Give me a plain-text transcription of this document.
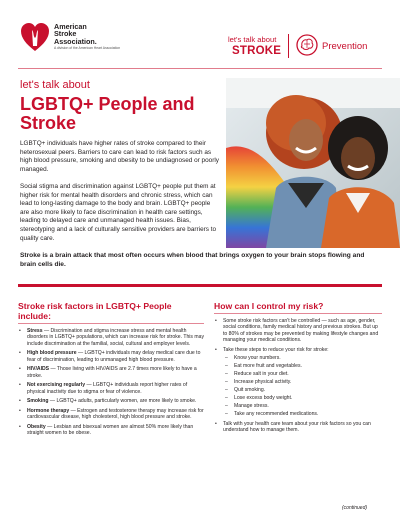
American
Stroke
Association.
A division of the American Heart Association
let's talk about
STROKE	Prevention
let's talk about
LGBTQ+ People and Stroke

LGBTQ+ individuals have higher rates of stroke compared to their heterosexual peers. Barriers to care can lead to risk factors such as high blood pressure, smoking and obesity to be undiagnosed or poorly managed.

Social stigma and discrimination against LGBTQ+ people put them at higher risk for mental health disorders and chronic stress, which can lead to long-lasting damage to the body and brain. LGBTQ+ people are also more likely to face discrimination in health care settings, leading to delayed care and unmanaged health issues. Bias, stereotyping and a lack of culturally sensitive providers are barriers to quality care.

Stroke is a brain attack that most often occurs when blood that brings oxygen to your brain stops flowing and brain cells die.

Stroke risk factors in LGBTQ+ People include:
• Stress — Discrimination and stigma increase stress and mental health disorders in LGBTQ+ populations, which can increase risk for stroke. This may include discrimination at the familial, social, cultural and employer levels.
• High blood pressure — LGBTQ+ individuals may delay medical care due to fear of discrimination, leading to unmanaged high blood pressure.
• HIV/AIDS — Those living with HIV/AIDS are 2.7 times more likely to have a stroke.
• Not exercising regularly — LGBTQ+ individuals report higher rates of physical inactivity due to stigma or fear of violence.
• Smoking — LGBTQ+ adults, particularly women, are more likely to smoke.
• Hormone therapy — Estrogen and testosterone therapy may increase risk for cardiovascular disease, high cholesterol, high blood pressure and stroke.
• Obesity — Lesbian and bisexual women are almost 50% more likely than straight women to be obese.
How can I control my risk?
• Some stroke risk factors can't be controlled — such as age, gender, social conditions, family medical history and previous strokes. But up to 80% of strokes may be prevented by making lifestyle changes and managing your medical conditions.
• Take these steps to reduce your risk for stroke:
– Know your numbers.
– Eat more fruit and vegetables.
– Reduce salt in your diet.
– Increase physical activity.
– Quit smoking.
– Lose excess body weight.
– Manage stress.
– Take any recommended medications.
• Talk with your health care team about your risk factors so you can understand how to manage them.
(continued)
